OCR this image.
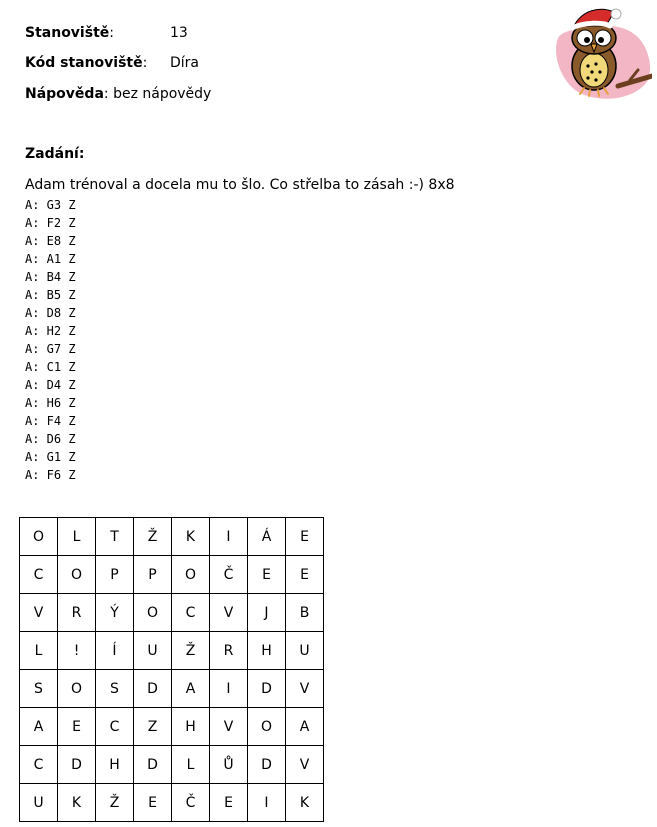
Stanoviště:	13
Kód stanoviště: Díra
Nápověda: bez nápovědy
Zadání:
Adam trénoval a docela mu to šlo. Co střelba to zásah :-) 8x8
A: G3 Z
A: F2 Z
A: E8 Z
A: A1 Z
A: B4 Z
A: B5 Z
A: D8 Z
A: H2 Z
A: G7 Z
A: C1 Z
A: D4 Z
A: H6 Z
A: F4 Z
A: D6 Z
A: G1 Z
A: F6 Z
O	L	T	Ž	K	I	Á	E
C	O	P	P	O	Č	E	E
V	R	Ý	O	C	V	J	B
L	!	Í	U	Ž	R	H	U
S	O	S	D	A	I	D	V
A	E	C	Z	H	V	O	A
C	D	H	D	L	Ů	D	V
U	K	Ž	E	Č	E	I	K
